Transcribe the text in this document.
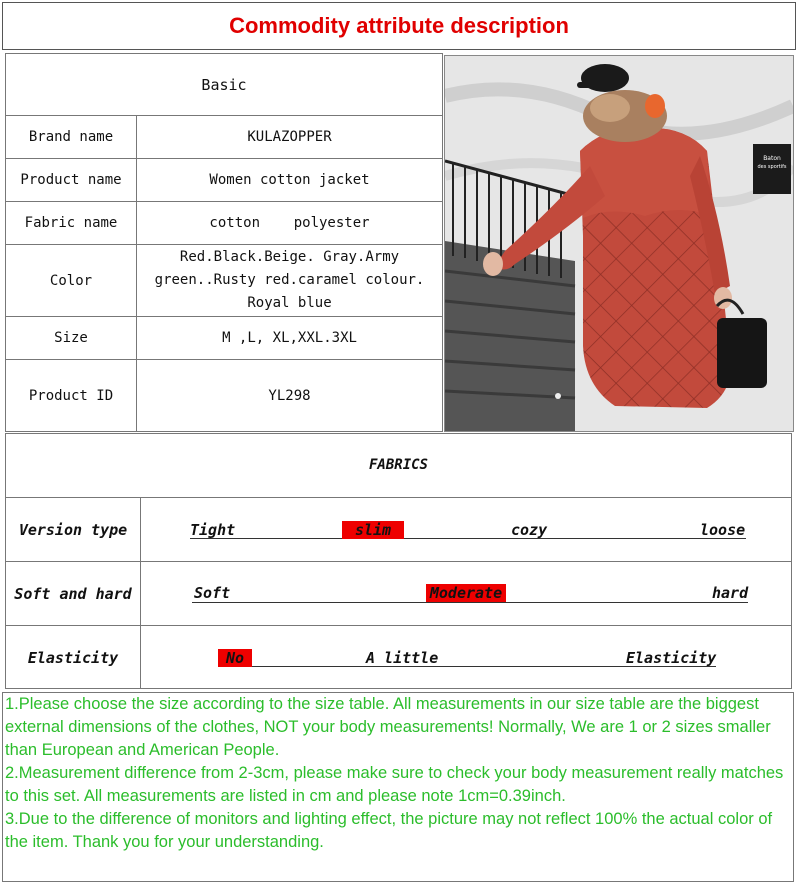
Commodity attribute description
Basic	
Brand name	KULAZOPPER
Product name	Women cotton jacket
Fabric name	cotton    polyester
Color	Red.Black.Beige. Gray.Army
green..Rusty red.caramel colour.
Royal blue

Size	M ,L, XL,XXL.3XL
Product ID	YL298
Baton
des sportifs
FABRICS
Version type	Tight	slim	cozy	loose
Soft and hard	Soft	Moderate	hard
Elasticity	No	A little	Elasticity

1.Please choose the size according to the size table. All measurements in our size table are the biggest external dimensions of the clothes, NOT your body measurements! Normally, We are 1 or 2 sizes smaller than European and American People.

2.Measurement difference from 2-3cm, please make sure to check your body measurement really matches to this set. All measurements are listed in cm and please note 1cm=0.39inch.

3.Due to the difference of monitors and lighting effect, the picture may not reflect 100% the actual color of the item. Thank you for your understanding.
